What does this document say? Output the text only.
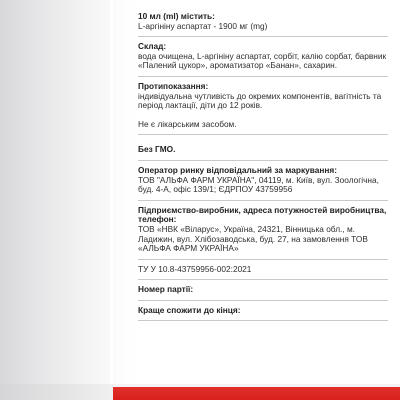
10 мл (ml) містить:
L-аргініну аспартат - 1900 мг (mg)
Склад:
вода очищена, L-аргініну аспартат, сорбіт, калію сорбат, барвник «Палений цукор», ароматизатор «Банан», сахарин.
Протипоказання:
індивідуальна чутливість до окремих компонентів, вагітність та період лактації, діти до 12 років.
Не є лікарським засобом.
Без ГМО.
Оператор ринку відповідальний за маркування:
ТОВ "АЛЬФА ФАРМ УКРАЇНА", 04119, м. Київ, вул. Зоологічна, буд. 4-А, офіс 139/1; ЄДРПОУ 43759956
Підприємство-виробник, адреса потужностей виробництва, телефон:
ТОВ «НВК «Віларус», Україна, 24321, Вінницька обл., м. Ладижин, вул. Хлібозаводська, буд. 27, на замовлення ТОВ «АЛЬФА ФАРМ УКРАЇНА»
ТУ У 10.8-43759956-002:2021
Номер партії:
Краще спожити до кінця:
